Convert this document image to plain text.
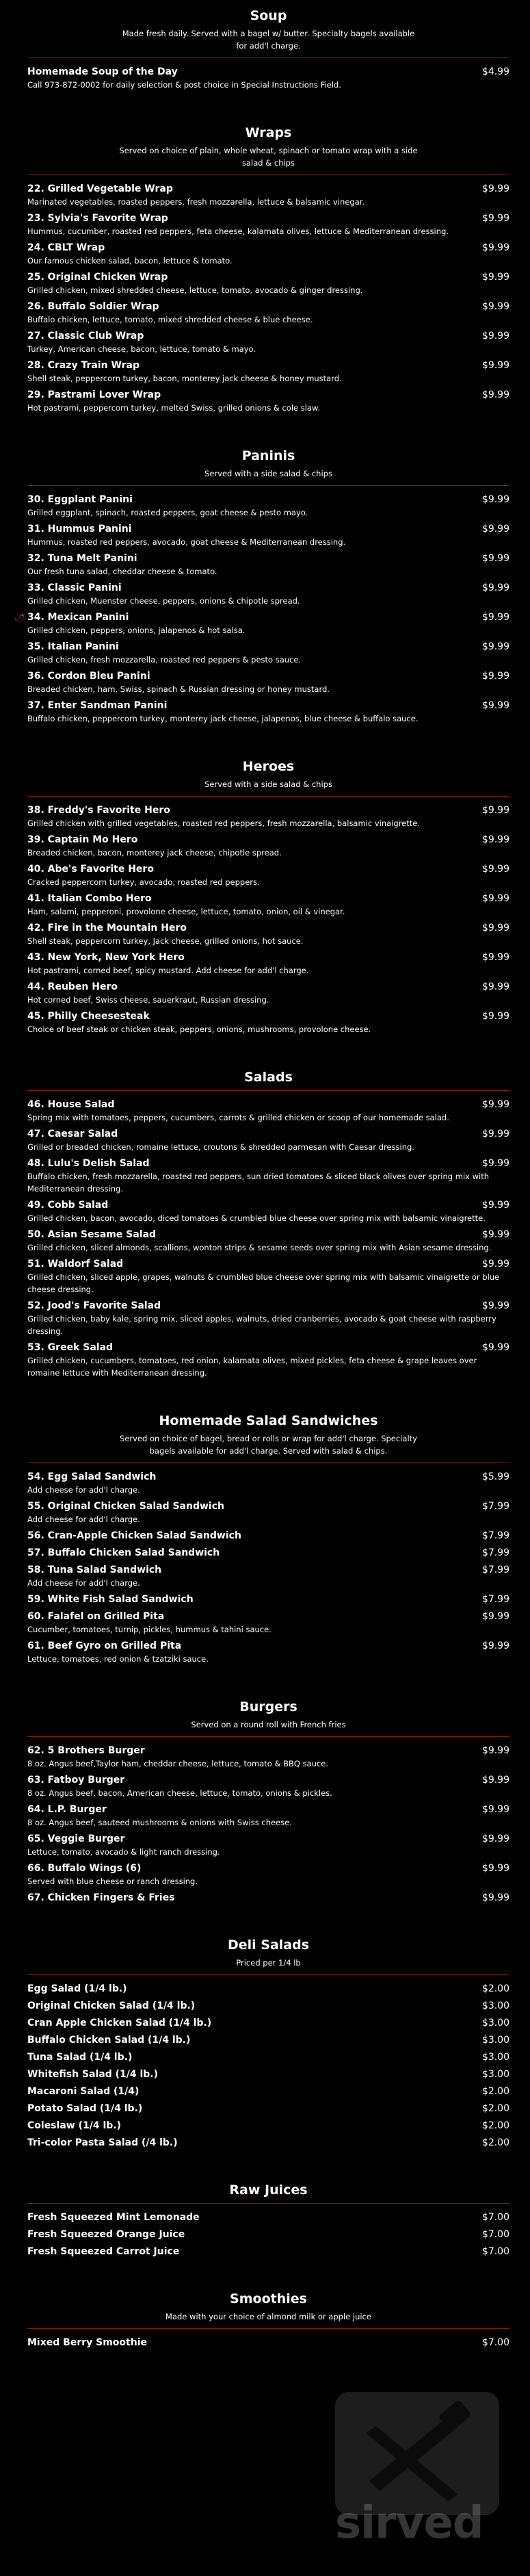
Soup
Made fresh daily. Served with a bagel w/ butter. Specialty bagels available for add'l charge.
Homemade Soup of the Day	$4.99
Call 973-872-0002 for daily selection & post choice in Special Instructions Field.
Wraps
Served on choice of plain, whole wheat, spinach or tomato wrap with a side salad & chips
22. Grilled Vegetable Wrap	$9.99
Marinated vegetables, roasted peppers, fresh mozzarella, lettuce & balsamic vinegar.
23. Sylvia's Favorite Wrap	$9.99
Hummus, cucumber, roasted red peppers, feta cheese, kalamata olives, lettuce & Mediterranean dressing.
24. CBLT Wrap	$9.99
Our famous chicken salad, bacon, lettuce & tomato.
25. Original Chicken Wrap	$9.99
Grilled chicken, mixed shredded cheese, lettuce, tomato, avocado & ginger dressing.
26. Buffalo Soldier Wrap	$9.99
Buffalo chicken, lettuce, tomato, mixed shredded cheese & blue cheese.
27. Classic Club Wrap	$9.99
Turkey, American cheese, bacon, lettuce, tomato & mayo.
28. Crazy Train Wrap	$9.99
Shell steak, peppercorn turkey, bacon, monterey jack cheese & honey mustard.
29. Pastrami Lover Wrap	$9.99
Hot pastrami, peppercorn turkey, melted Swiss, grilled onions & cole slaw.
Paninis
Served with a side salad & chips
30. Eggplant Panini	$9.99
Grilled eggplant, spinach, roasted peppers, goat cheese & pesto mayo.
31. Hummus Panini	$9.99
Hummus, roasted red peppers, avocado, goat cheese & Mediterranean dressing.
32. Tuna Melt Panini	$9.99
Our fresh tuna salad, cheddar cheese & tomato.
33. Classic Panini	$9.99
Grilled chicken, Muenster cheese, peppers, onions & chipotle spread.
34. Mexican Panini	$9.99
Grilled chicken, peppers, onions, jalapenos & hot salsa.
35. Italian Panini	$9.99
Grilled chicken, fresh mozzarella, roasted red peppers & pesto sauce.
36. Cordon Bleu Panini	$9.99
Breaded chicken, ham, Swiss, spinach & Russian dressing or honey mustard.
37. Enter Sandman Panini	$9.99
Buffalo chicken, peppercorn turkey, monterey jack cheese, jalapenos, blue cheese & buffalo sauce.
Heroes
Served with a side salad & chips
38. Freddy's Favorite Hero	$9.99
Grilled chicken with grilled vegetables, roasted red peppers, fresh mozzarella, balsamic vinaigrette.
39. Captain Mo Hero	$9.99
Breaded chicken, bacon, monterey jack cheese, chipotle spread.
40. Abe's Favorite Hero	$9.99
Cracked peppercorn turkey, avocado, roasted red peppers.
41. Italian Combo Hero	$9.99
Ham, salami, pepperoni, provolone cheese, lettuce, tomato, onion, oil & vinegar.
42. Fire in the Mountain Hero	$9.99
Shell steak, peppercorn turkey, Jack cheese, grilled onions, hot sauce.
43. New York, New York Hero	$9.99
Hot pastrami, corned beef, spicy mustard. Add cheese for add'l charge.
44. Reuben Hero	$9.99
Hot corned beef, Swiss cheese, sauerkraut, Russian dressing.
45. Philly Cheesesteak	$9.99
Choice of beef steak or chicken steak, peppers, onions, mushrooms, provolone cheese.
Salads
46. House Salad	$9.99
Spring mix with tomatoes, peppers, cucumbers, carrots & grilled chicken or scoop of our homemade salad.
47. Caesar Salad	$9.99
Grilled or breaded chicken, romaine lettuce, croutons & shredded parmesan with Caesar dressing.
48. Lulu's Delish Salad	$9.99
Buffalo chicken, fresh mozzarella, roasted red peppers, sun dried tomatoes & sliced black olives over spring mix with Mediterranean dressing.
49. Cobb Salad	$9.99
Grilled chicken, bacon, avocado, diced tomatoes & crumbled blue cheese over spring mix with balsamic vinaigrette.
50. Asian Sesame Salad	$9.99
Grilled chicken, sliced almonds, scallions, wonton strips & sesame seeds over spring mix with Asian sesame dressing.
51. Waldorf Salad	$9.99
Grilled chicken, sliced apple, grapes, walnuts & crumbled blue cheese over spring mix with balsamic vinaigrette or blue cheese dressing.
52. Jood's Favorite Salad	$9.99
Grilled chicken, baby kale, spring mix, sliced apples, walnuts, dried cranberries, avocado & goat cheese with raspberry dressing.
53. Greek Salad	$9.99
Grilled chicken, cucumbers, tomatoes, red onion, kalamata olives, mixed pickles, feta cheese & grape leaves over romaine lettuce with Mediterranean dressing.
Homemade Salad Sandwiches
Served on choice of bagel, bread or rolls or wrap for add'l charge. Specialty bagels available for add'l charge. Served with salad & chips.
54. Egg Salad Sandwich	$5.99
Add cheese for add'l charge.
55. Original Chicken Salad Sandwich	$7.99
Add cheese for add'l charge.
56. Cran-Apple Chicken Salad Sandwich	$7.99
57. Buffalo Chicken Salad Sandwich	$7.99
58. Tuna Salad Sandwich	$7.99
Add cheese for add'l charge.
59. White Fish Salad Sandwich	$7.99
60. Falafel on Grilled Pita	$9.99
Cucumber, tomatoes, turnip, pickles, hummus & tahini sauce.
61. Beef Gyro on Grilled Pita	$9.99
Lettuce, tomatoes, red onion & tzatziki sauce.
Burgers
Served on a round roll with French fries
62. 5 Brothers Burger	$9.99
8 oz. Angus beef,Taylor ham, cheddar cheese, lettuce, tomato & BBQ sauce.
63. Fatboy Burger	$9.99
8 oz. Angus beef, bacon, American cheese, lettuce, tomato, onions & pickles.
64. L.P. Burger	$9.99
8 oz. Angus beef, sauteed mushrooms & onions with Swiss cheese.
65. Veggie Burger	$9.99
Lettuce, tomato, avocado & light ranch dressing.
66. Buffalo Wings (6)	$9.99
Served with blue cheese or ranch dressing.
67. Chicken Fingers & Fries	$9.99
Deli Salads
Priced per 1/4 lb
Egg Salad (1/4 lb.)	$2.00
Original Chicken Salad (1/4 lb.)	$3.00
Cran Apple Chicken Salad (1/4 lb.)	$3.00
Buffalo Chicken Salad (1/4 lb.)	$3.00
Tuna Salad (1/4 lb.)	$3.00
Whitefish Salad (1/4 lb.)	$3.00
Macaroni Salad (1/4)	$2.00
Potato Salad (1/4 lb.)	$2.00
Coleslaw (1/4 lb.)	$2.00
Tri-color Pasta Salad (/4 lb.)	$2.00
Raw Juices
Fresh Squeezed Mint Lemonade	$7.00
Fresh Squeezed Orange Juice	$7.00
Fresh Squeezed Carrot Juice	$7.00
Smoothies
Made with your choice of almond milk or apple juice
Mixed Berry Smoothie	$7.00
🌶
sirved
